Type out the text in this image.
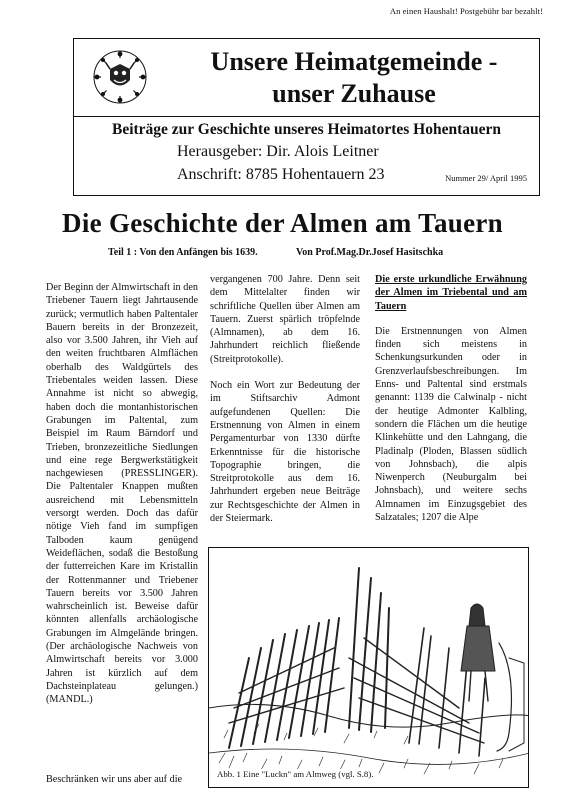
An einen Haushalt! Postgebühr bar bezahlt!
Unsere Heimatgemeinde -
unser Zuhause
Beiträge zur Geschichte unseres Heimatortes Hohentauern
Herausgeber: Dir. Alois Leitner
Anschrift: 8785 Hohentauern 23	Nummer 29/ April 1995
Die Geschichte der Almen am Tauern
Teil 1 : Von den Anfängen bis 1639.	Von Prof.Mag.Dr.Josef Hasitschka

Der Beginn der Almwirtschaft in den Triebener Tauern liegt Jahrtausende zurück; vermutlich haben Paltentaler Bauern bereits in der Bronzezeit, also vor 3.500 Jahren, ihr Vieh auf den weiten fruchtbaren Almflächen oberhalb des Waldgürtels des Triebentales weiden lassen. Diese Annahme ist nicht so abwegig, haben doch die montanhistorischen Grabungen im Paltental, zum Beispiel im Raum Bärndorf und Trieben, bronzezeitliche Siedlungen und eine rege Bergwerkstätigkeit nachgewiesen (PRESSLINGER). Die Paltentaler Knappen mußten ausreichend mit Lebensmitteln versorgt werden. Doch das dafür nötige Vieh fand im sumpfigen Talboden kaum genügend Weideflächen, sodaß die Bestoßung der futterreichen Kare im Kristallin der Rottenmanner und Triebener Tauern bereits vor 3.500 Jahren wahrscheinlich ist. Beweise dafür könnten allenfalls archäologische Grabungen im Almgelände bringen. (Der archäologische Nachweis von Almwirtschaft bereits vor 3.000 Jahren ist kürzlich auf dem Dachsteinplateau gelungen.) (MANDL.)

Beschränken wir uns aber auf die

vergangenen 700 Jahre. Denn seit dem Mittelalter finden wir schriftliche Quellen über Almen am Tauern. Zuerst spärlich tröpfelnde (Almnamen), ab dem 16. Jahrhundert reichlich fließende (Streitprotokolle).

Noch ein Wort zur Bedeutung der im Stiftsarchiv Admont aufgefundenen Quellen: Die Erstnennung von Almen in einem Pergamenturbar von 1330 dürfte Erkenntnisse für die historische Topographie bringen, die Streitprotokolle aus dem 16. Jahrhundert ergeben neue Beiträge zur Rechtsgeschichte der Almen in der Steiermark.

Die erste urkundliche Erwähnung der Almen im Triebental und am Tauern

Die Erstnennungen von Almen finden sich meistens in Schenkungsurkunden oder in Grenzverlaufsbeschreibungen. Im Enns- und Paltental sind erstmals genannt: 1139 die Calwinalp - nicht der heutige Admonter Kalbling, sondern die Flächen um die heutige Klinkehütte und den Lahngang, die Pladinalp (Ploden, Blassen südlich von Johnsbach), die alpis Niwenperch (Neuburgalm bei Johnsbach), und weitere sechs Almnamen im Einzugsgebiet des Salzatales; 1207 die Alpe

Abb. 1 Eine "Luckn" am Almweg (vgl. S.8).
